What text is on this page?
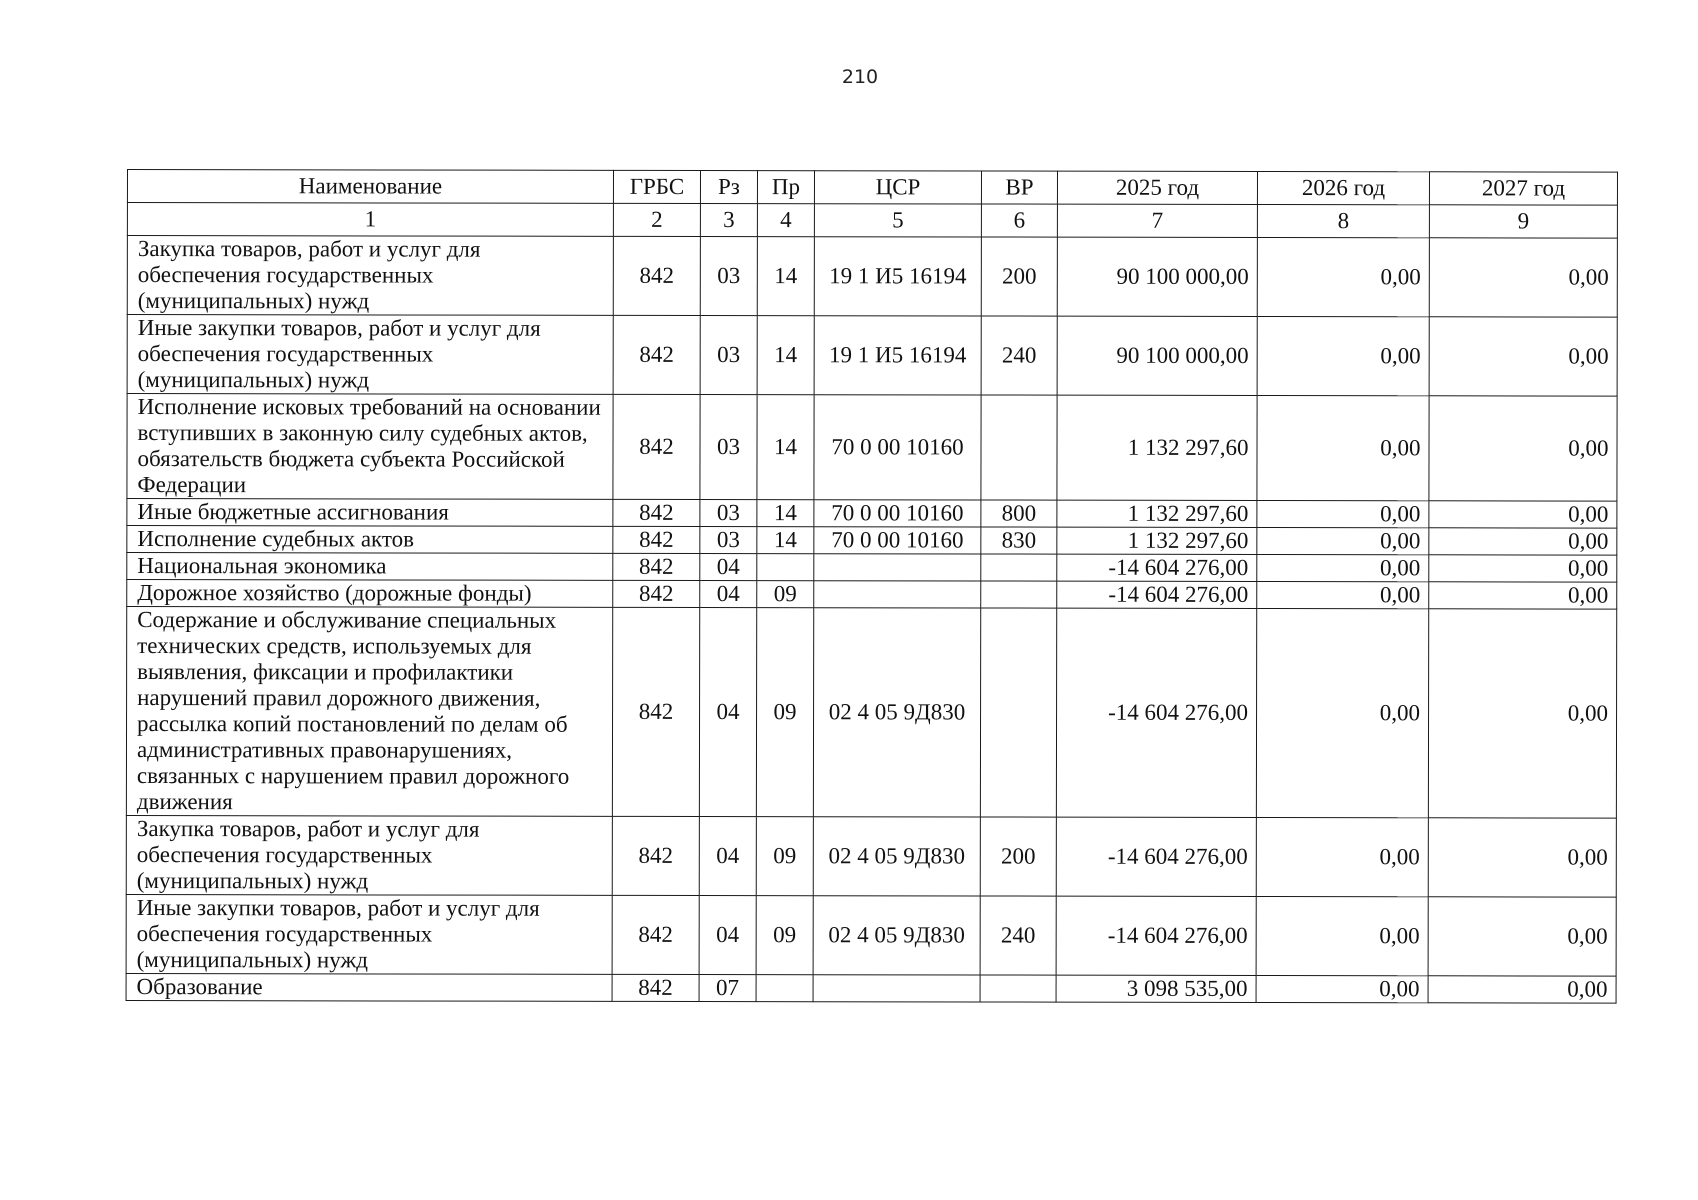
210
Наименование	ГРБС	Рз	Пр	ЦСР	ВР	2025 год	2026 год	2027 год
1	2	3	4	5	6	7	8	9
Закупка товаров, работ и услуг для обеспечения государственных (муниципальных) нужд	842	03	14	19 1 И5 16194	200	90 100 000,00	0,00	0,00
Иные закупки товаров, работ и услуг для обеспечения государственных (муниципальных) нужд	842	03	14	19 1 И5 16194	240	90 100 000,00	0,00	0,00
Исполнение исковых требований на основании вступивших в законную силу судебных актов, обязательств бюджета субъекта Российской Федерации	842	03	14	70 0 00 10160		1 132 297,60	0,00	0,00
Иные бюджетные ассигнования	842	03	14	70 0 00 10160	800	1 132 297,60	0,00	0,00
Исполнение судебных актов	842	03	14	70 0 00 10160	830	1 132 297,60	0,00	0,00
Национальная экономика	842	04				-14 604 276,00	0,00	0,00
Дорожное хозяйство (дорожные фонды)	842	04	09			-14 604 276,00	0,00	0,00
Содержание и обслуживание специальных технических средств, используемых для выявления, фиксации и профилактики нарушений правил дорожного движения, рассылка копий постановлений по делам об административных правонарушениях, связанных с нарушением правил дорожного движения	842	04	09	02 4 05 9Д830		-14 604 276,00	0,00	0,00
Закупка товаров, работ и услуг для обеспечения государственных (муниципальных) нужд	842	04	09	02 4 05 9Д830	200	-14 604 276,00	0,00	0,00
Иные закупки товаров, работ и услуг для обеспечения государственных (муниципальных) нужд	842	04	09	02 4 05 9Д830	240	-14 604 276,00	0,00	0,00
Образование	842	07				3 098 535,00	0,00	0,00
